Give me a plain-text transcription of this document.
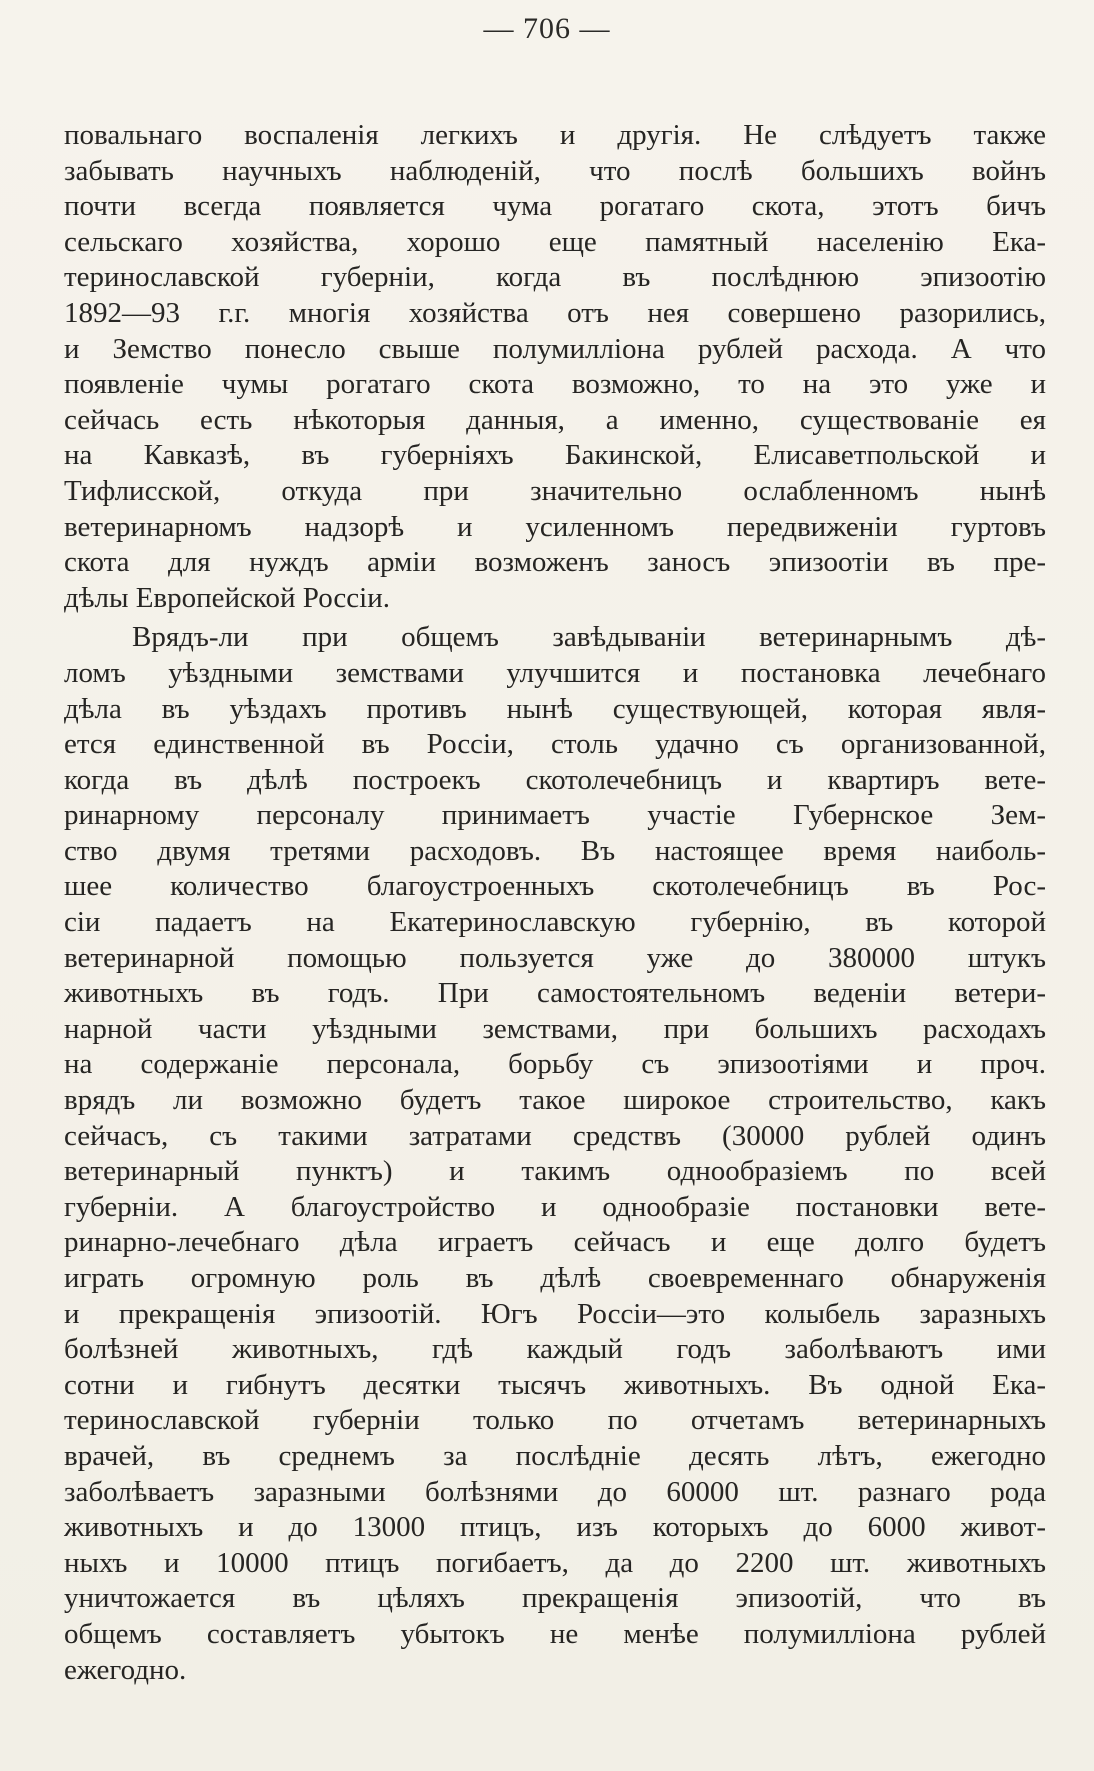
— 706 —

повальнаго воспаленія легкихъ и другія. Не слѣдуетъ также
забывать научныхъ наблюденій, что послѣ большихъ войнъ
почти всегда появляется чума рогатаго скота, этотъ бичъ
сельскаго хозяйства, хорошо еще памятный населенію Ека-
теринославской губерніи, когда въ послѣднюю эпизоотію
1892—93 г.г. многія хозяйства отъ нея совершено разорились,
и Земство понесло свыше полумилліона рублей расхода. А что
появленіе чумы рогатаго скота возможно, то на это уже и
сейчась есть нѣкоторыя данныя, а именно, существованіе ея
на Кавказѣ, въ губерніяхъ Бакинской, Елисаветпольской и
Тифлисской, откуда при значительно ослабленномъ нынѣ
ветеринарномъ надзорѣ и усиленномъ передвиженіи гуртовъ
скота для нуждъ арміи возможенъ заносъ эпизоотіи въ пре-
дѣлы Европейской Россіи.

Врядъ-ли при общемъ завѣдываніи ветеринарнымъ дѣ-
ломъ уѣздными земствами улучшится и постановка лечебнаго
дѣла въ уѣздахъ противъ нынѣ существующей, которая явля-
ется единственной въ Россіи, столь удачно съ организованной,
когда въ дѣлѣ построекъ скотолечебницъ и квартиръ вете-
ринарному персоналу принимаетъ участіе Губернское Зем-
ство двумя третями расходовъ. Въ настоящее время наиболь-
шее количество благоустроенныхъ скотолечебницъ въ Рос-
сіи падаетъ на Екатеринославскую губернію, въ которой
ветеринарной помощью пользуется уже до 380000 штукъ
животныхъ въ годъ. При самостоятельномъ веденіи ветери-
нарной части уѣздными земствами, при большихъ расходахъ
на содержаніе персонала, борьбу съ эпизоотіями и проч.
врядъ ли возможно будетъ такое широкое строительство, какъ
сейчасъ, съ такими затратами средствъ (30000 рублей одинъ
ветеринарный пунктъ) и такимъ однообразіемъ по всей
губерніи. А благоустройство и однообразіе постановки вете-
ринарно-лечебнаго дѣла играетъ сейчасъ и еще долго будетъ
играть огромную роль въ дѣлѣ своевременнаго обнаруженія
и прекращенія эпизоотій. Югъ Россіи—это колыбель заразныхъ
болѣзней животныхъ, гдѣ каждый годъ заболѣваютъ ими
сотни и гибнутъ десятки тысячъ животныхъ. Въ одной Ека-
теринославской губерніи только по отчетамъ ветеринарныхъ
врачей, въ среднемъ за послѣдніе десять лѣтъ, ежегодно
заболѣваетъ заразными болѣзнями до 60000 шт. разнаго рода
животныхъ и до 13000 птицъ, изъ которыхъ до 6000 живот-
ныхъ и 10000 птицъ погибаетъ, да до 2200 шт. животныхъ
уничтожается въ цѣляхъ прекращенія эпизоотій, что въ
общемъ составляетъ убытокъ не менѣе полумилліона рублей
ежегодно.
